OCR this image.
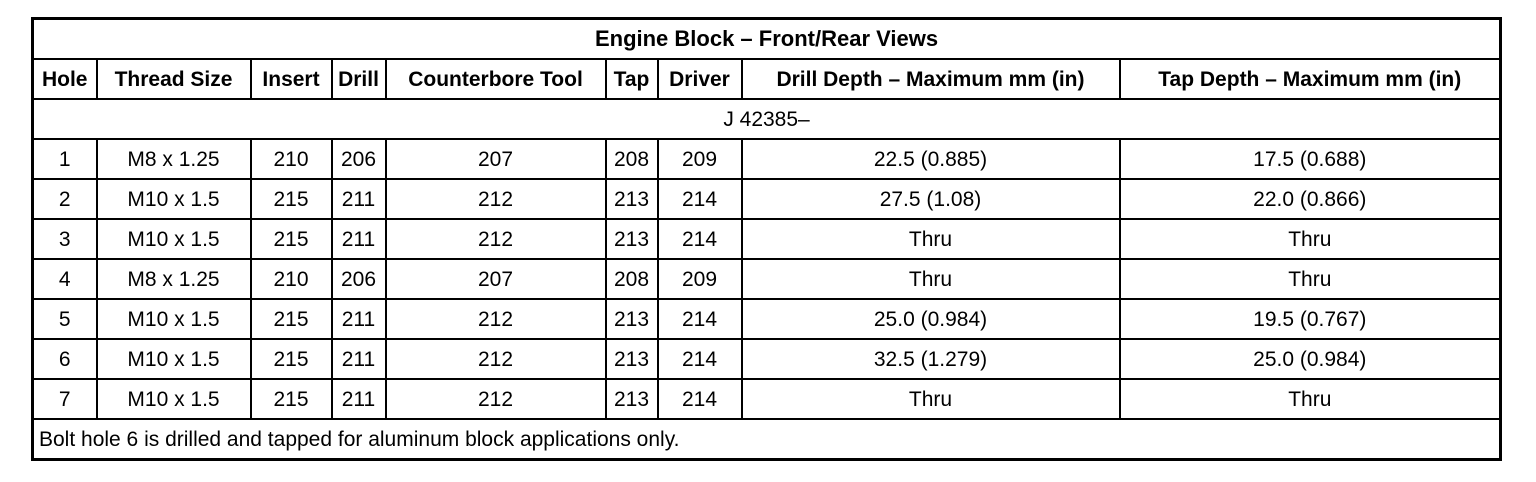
Engine Block – Front/Rear Views								
Hole	Thread Size	Insert	Drill	Counterbore Tool	Tap	Driver	Drill Depth – Maximum mm (in)	Tap Depth – Maximum mm (in)
J 42385–								
1	M8 x 1.25	210	206	207	208	209	22.5 (0.885)	17.5 (0.688)
2	M10 x 1.5	215	211	212	213	214	27.5 (1.08)	22.0 (0.866)
3	M10 x 1.5	215	211	212	213	214	Thru	Thru
4	M8 x 1.25	210	206	207	208	209	Thru	Thru
5	M10 x 1.5	215	211	212	213	214	25.0 (0.984)	19.5 (0.767)
6	M10 x 1.5	215	211	212	213	214	32.5 (1.279)	25.0 (0.984)
7	M10 x 1.5	215	211	212	213	214	Thru	Thru
Bolt hole 6 is drilled and tapped for aluminum block applications only.								
